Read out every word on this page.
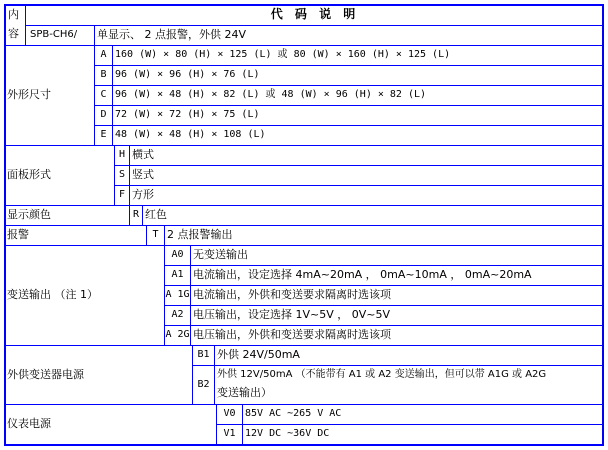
内
容
代 码 说 明
SPB-CH6/ 单显示、 2 点报警，外供 24V
外形尺寸
A 160 (W) × 80 (H) × 125 (L) 或 80 (W) × 160 (H) × 125 (L)
B 96 (W) × 96 (H) × 76 (L)
C 96 (W) × 48 (H) × 82 (L) 或 48 (W) × 96 (H) × 82 (L)
D 72 (W) × 72 (H) × 75 (L)
E 48 (W) × 48 (H) × 108 (L)
面板形式
H 横式
S 竖式
F 方形
显示颜色	R 红色
报警	T 2 点报警输出
变送输出 （注 1）
A0 无变送输出
A1 电流输出，设定选择 4mA~20mA ， 0mA~10mA ， 0mA~20mA
A 1G 电流输出，外供和变送要求隔离时选该项
A2 电压输出，设定选择 1V~5V ， 0V~5V
A 2G 电压输出，外供和变送要求隔离时选该项
外供变送器电源
B1 外供 24V/50mA
B2
外供 12V/50mA （不能带有 A1 或 A2 变送输出，但可以带 A1G 或 A2G
变送输出）
仪表电源
V0 85V AC ~265 V AC
V1 12V DC ~36V DC
